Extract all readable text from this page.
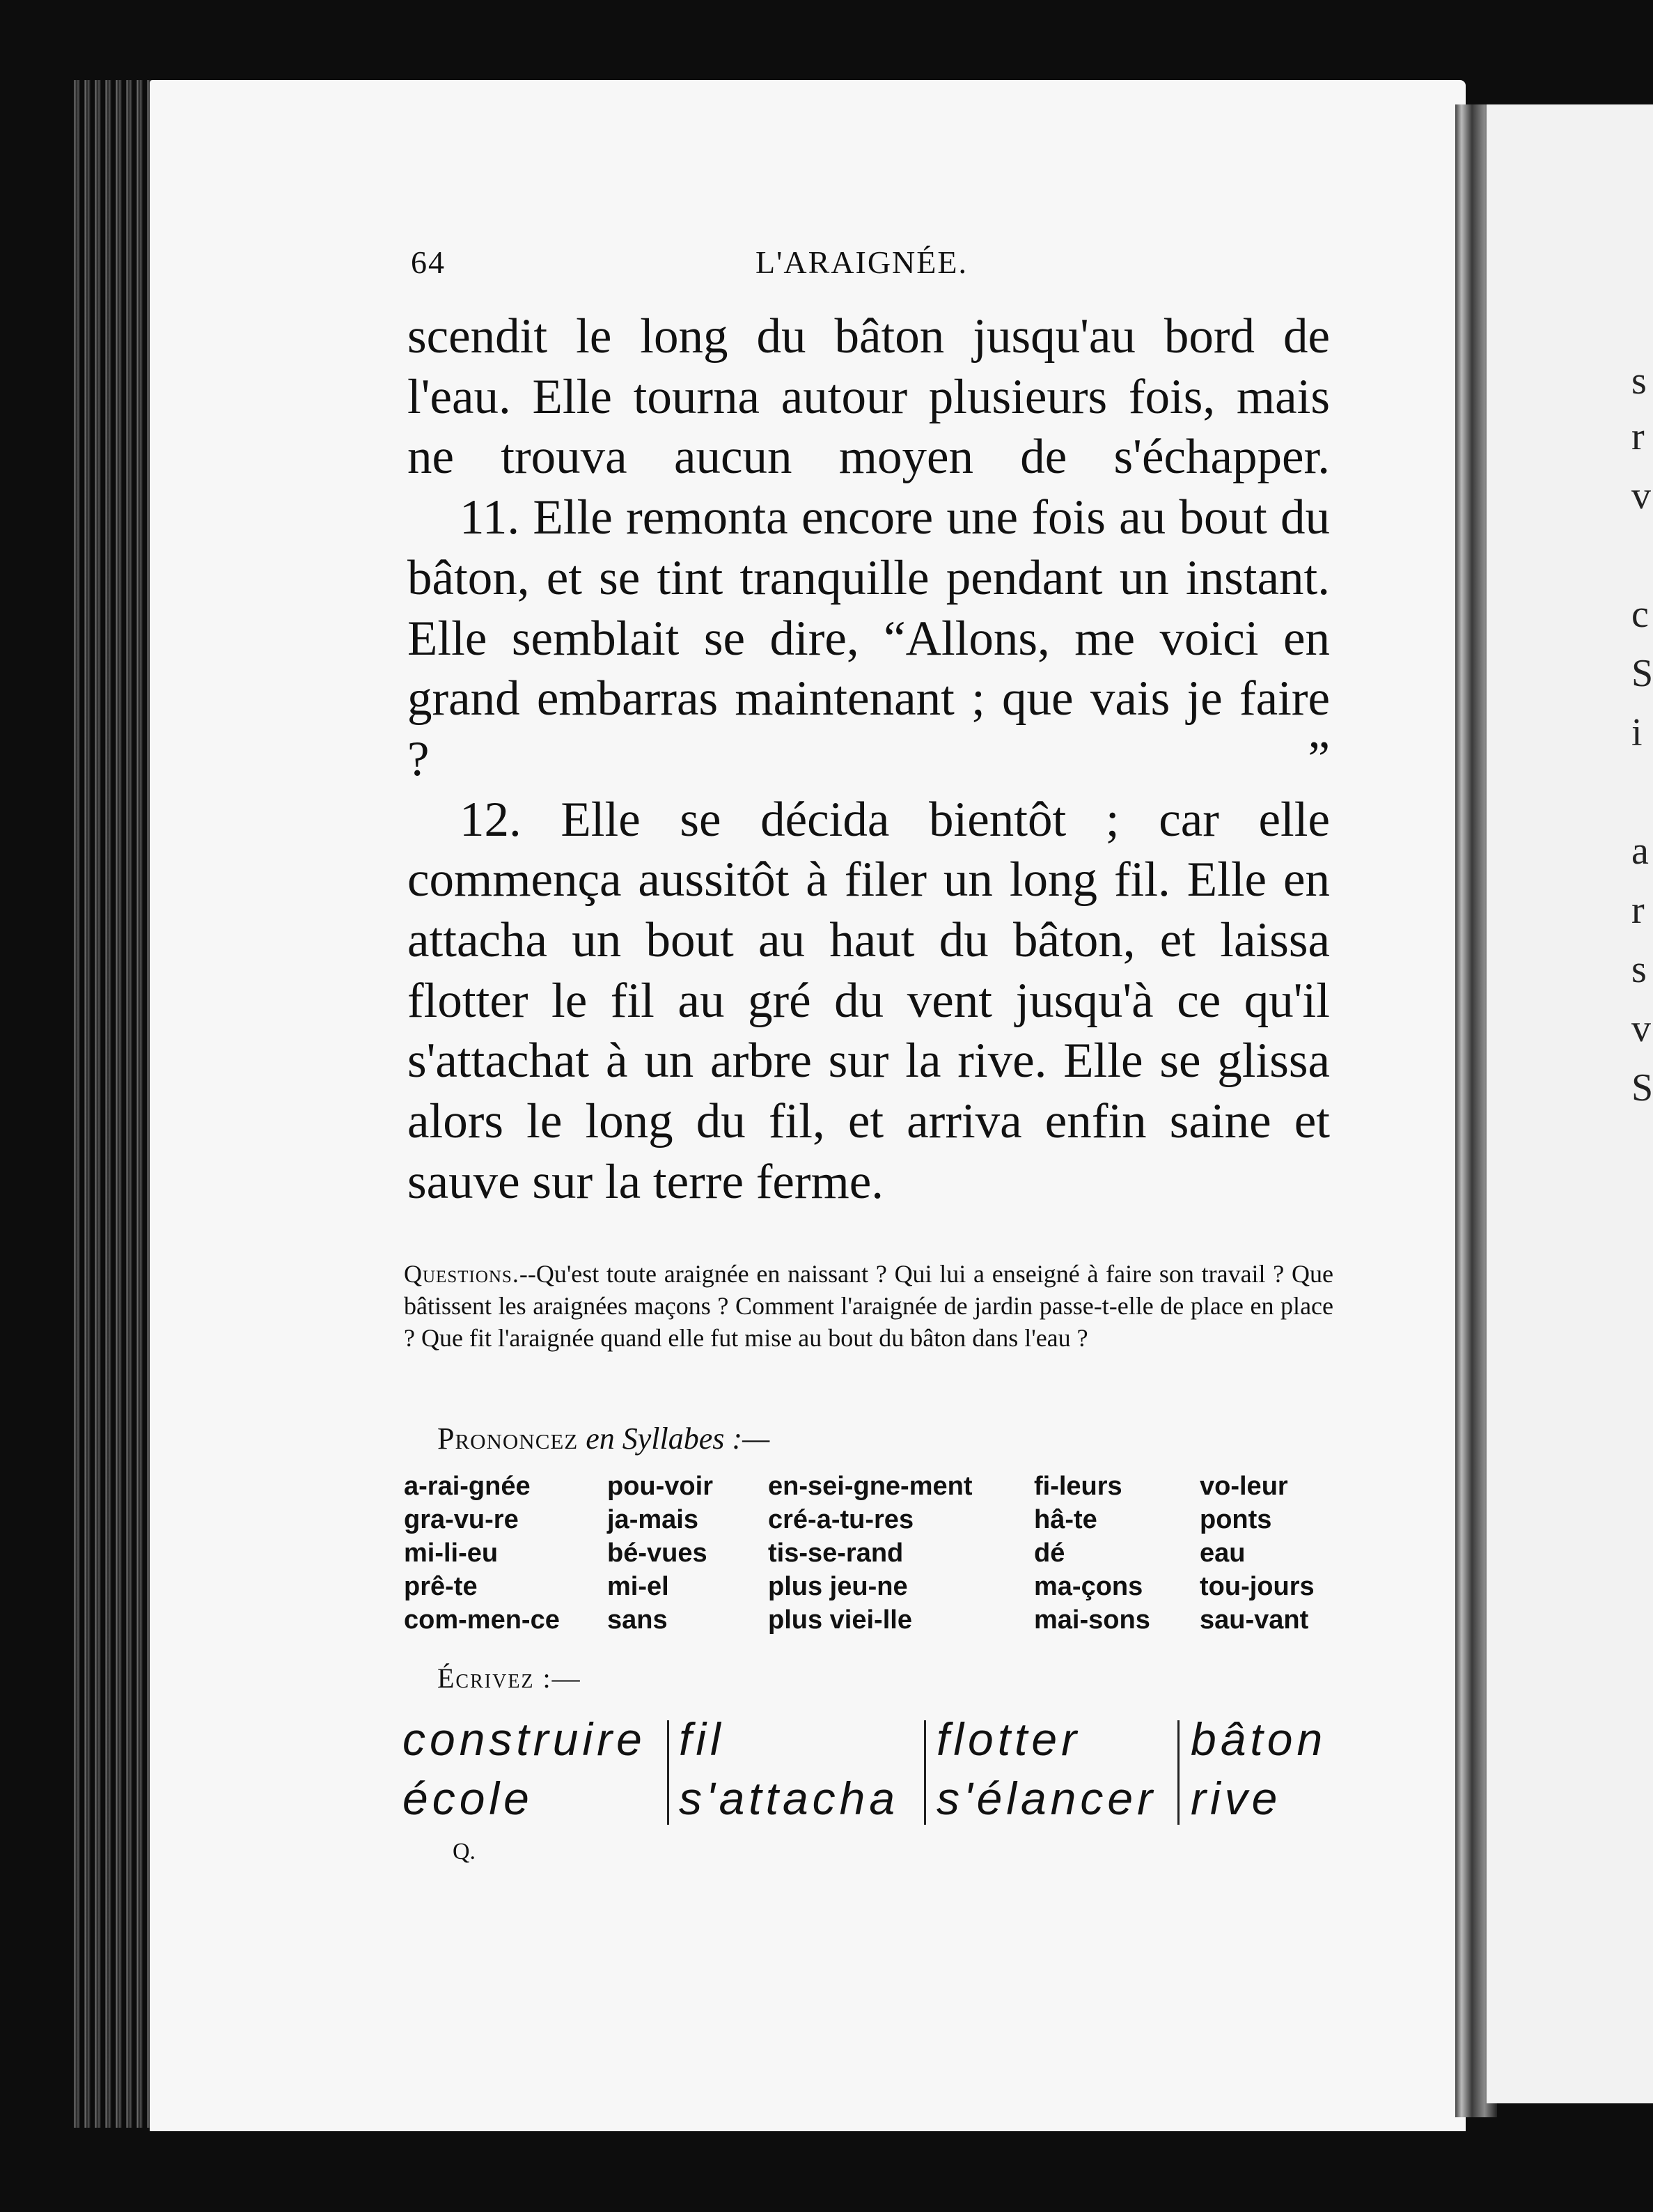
s
r
v
c
S
i
a
r
s
v
S
64	L'ARAIGNÉE.

scendit le long du bâton jusqu'au bord de l'eau. Elle tourna autour plusieurs fois, mais ne trouva aucun moyen de s'échapper.

11. Elle remonta encore une fois au bout du bâton, et se tint tranquille pendant un instant. Elle semblait se dire, “Allons, me voici en grand embarras maintenant ; que vais je faire ? ”

12. Elle se décida bientôt ; car elle commença aussitôt à filer un long fil. Elle en attacha un bout au haut du bâton, et laissa flotter le fil au gré du vent jusqu'à ce qu'il s'attachat à un arbre sur la rive. Elle se glissa alors le long du fil, et arriva enfin saine et sauve sur la terre ferme.

Questions.--Qu'est toute araignée en naissant ? Qui lui a enseigné à faire son travail ? Que bâtissent les araignées maçons ? Comment l'araignée de jardin passe-t-elle de place en place ? Que fit l'araignée quand elle fut mise au bout du bâton dans l'eau ?
Prononcez en Syllabes :—
a-rai-gnée
gra-vu-re
mi-li-eu
prê-te
com-men-ce
pou-voir
ja-mais
bé-vues
mi-el
sans
en-sei-gne-ment
cré-a-tu-res
tis-se-rand
plus jeu-ne
plus viei-lle
fi-leurs
hâ-te
dé
ma-çons
mai-sons
vo-leur
ponts
eau
tou-jours
sau-vant
Écrivez :—
construire
école
fil
s'attacha
flotter
s'élancer
bâton
rive
Q.
